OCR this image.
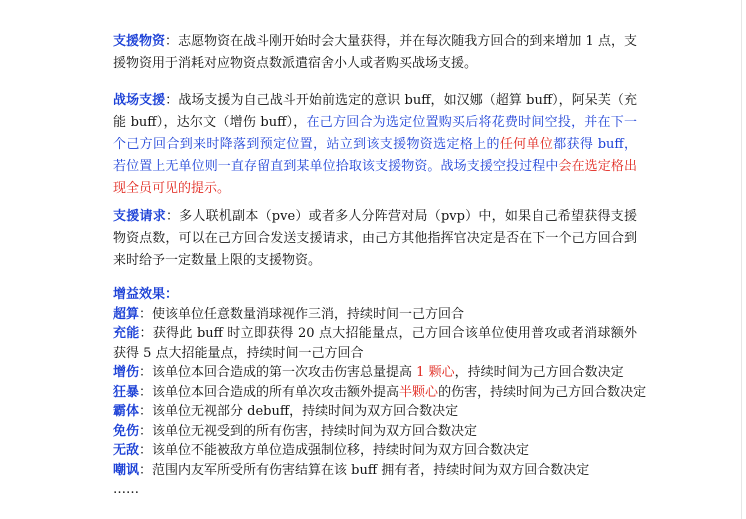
支援物资：志愿物资在战斗刚开始时会大量获得，并在每次随我方回合的到来增加 1 点，支援物资用于消耗对应物资点数派遣宿舍小人或者购买战场支援。

战场支援：战场支援为自己战斗开始前选定的意识 buff，如汉娜（超算 buff），阿呆芙（充能 buff），达尔文（增伤 buff），在己方回合为选定位置购买后将花费时间空投，并在下一个己方回合到来时降落到预定位置，站立到该支援物资选定格上的任何单位都获得 buff，若位置上无单位则一直存留直到某单位拾取该支援物资。战场支援空投过程中会在选定格出现全员可见的提示。

支援请求：多人联机副本（pve）或者多人分阵营对局（pvp）中，如果自己希望获得支援物资点数，可以在己方回合发送支援请求，由己方其他指挥官决定是否在下一个己方回合到来时给予一定数量上限的支援物资。

增益效果：
超算：使该单位任意数量消球视作三消，持续时间一己方回合
充能：获得此 buff 时立即获得 20 点大招能量点，己方回合该单位使用普攻或者消球额外获得 5 点大招能量点，持续时间一己方回合
增伤：该单位本回合造成的第一次攻击伤害总量提高 1 颗心，持续时间为己方回合数决定
狂暴：该单位本回合造成的所有单次攻击额外提高半颗心的伤害，持续时间为己方回合数决定
霸体：该单位无视部分 debuff，持续时间为双方回合数决定
免伤：该单位无视受到的所有伤害，持续时间为双方回合数决定
无敌：该单位不能被敌方单位造成强制位移，持续时间为双方回合数决定
嘲讽：范围内友军所受所有伤害结算在该 buff 拥有者，持续时间为双方回合数决定
……
